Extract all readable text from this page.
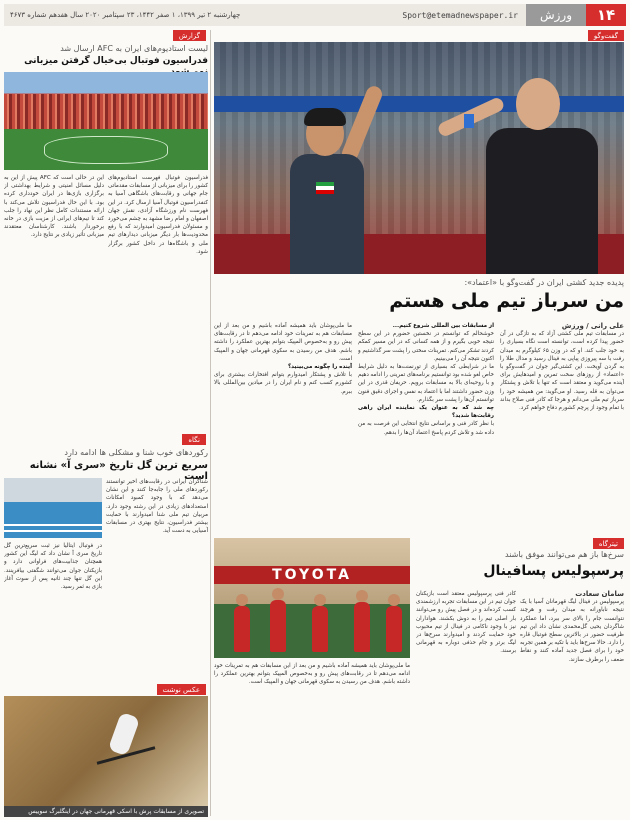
۱۴
ورزش
Sport@etemadnewspaper.ir
چهارشنبه ۲ تیر ۱۳۹۹، ۱ صفر ۱۴۴۲، ۲۳ سپتامبر ۲۰۲۰ سال هفدهم شماره ۴۶۷۳
گفت‌وگو
پدیده جدید کشتی ایران در گفت‌وگو با «اعتماد»:
من سرباز تیم ملی هستم
علی‌ رانی / ورزش

در مسابقات تیم ملی کشتی آزاد که به تازگی در آن حضور پیدا کرده است، توانسته است نگاه بسیاری را به خود جلب کند. او که در وزن ۶۵ کیلوگرم به میدان رفت با سه پیروزی پیاپی به فینال رسید و مدال طلا را به گردن آویخت. این کشتی‌گیر جوان در گفت‌وگو با «اعتماد» از روزهای سخت تمرین و امیدهایش برای آینده می‌گوید و معتقد است که تنها با تلاش و پشتکار می‌توان به قله رسید. او می‌گوید: من همیشه خود را سرباز تیم ملی می‌دانم و هرجا که کادر فنی صلاح بداند با تمام وجود از پرچم کشورم دفاع خواهم کرد.

از مسابقات بین المللی شروع کنیم...

خوشحالم که توانستم در نخستین حضورم در این سطح نتیجه خوبی بگیرم و از همه کسانی که در این مسیر کمکم کردند تشکر می‌کنم. تمرینات سختی را پشت سر گذاشتیم و اکنون نتیجه آن را می‌بینیم.

ما در شرایطی که بسیاری از تورنمنت‌ها به دلیل شرایط خاص لغو شده بود توانستیم برنامه‌های تمرینی را ادامه دهیم و با روحیه‌ای بالا به مسابقات برویم. حریفان قدری در این وزن حضور داشتند اما با اعتماد به نفس و اجرای دقیق فنون توانستم آن‌ها را پشت سر بگذارم.

چه شد که به عنوان یک نماینده ایران راهی رقابت‌ها شدید؟

با نظر کادر فنی و براساس نتایج انتخابی این فرصت به من داده شد و تلاش کردم پاسخ اعتماد آن‌ها را بدهم.

ما ملی‌پوشان باید همیشه آماده باشیم و من بعد از این مسابقات هم به تمرینات خود ادامه می‌دهم تا در رقابت‌های پیش رو و به‌خصوص المپیک بتوانم بهترین عملکرد را داشته باشم. هدف من رسیدن به سکوی قهرمانی جهان و المپیک است.

آینده را چگونه می‌بینید؟

با تلاش و پشتکار امیدوارم بتوانم افتخارات بیشتری برای کشورم کسب کنم و نام ایران را در میادین بین‌المللی بالا ببرم.

TOYOTA
تیترگاه
سرخ‌ها باز هم می‌توانند موفق باشند
پرسپولیس پسافینال
سامان سعادت

پرسپولیس در فینال لیگ قهرمانان آسیا با یک نتیجه ناباورانه به میدان رفت و هرچند نتوانست جام را بالای سر ببرد، اما عملکرد شاگردان یحیی گل‌محمدی نشان داد این تیم ظرفیت حضور در بالاترین سطح فوتبال قاره را دارد. حالا سرخ‌ها باید با تکیه بر همین تجربه خود را برای فصل جدید آماده کنند و نقاط ضعف را برطرف سازند.

کادر فنی پرسپولیس معتقد است بازیکنان جوان تیم در این مسابقات تجربه ارزشمندی کسب کرده‌اند و در فصل پیش رو می‌توانند بار اصلی تیم را به دوش بکشند. هواداران نیز با وجود ناکامی در فینال از تیم محبوب خود حمایت کردند و امیدوارند سرخ‌ها در لیگ برتر و جام حذفی دوباره به قهرمانی برسند.

ما ملی‌پوشان باید همیشه آماده باشیم و من بعد از این مسابقات هم به تمرینات خود ادامه می‌دهم تا در رقابت‌های پیش رو و به‌خصوص المپیک بتوانم بهترین عملکرد را داشته باشم. هدف من رسیدن به سکوی قهرمانی جهان و المپیک است.

گزارش
لیست استادیوم‌های ایران به AFC ارسال شد
فدراسیون فوتبال بی‌خیال گرفتن میزبانی

فدراسیون فوتبال فهرست استادیوم‌های کشور را برای میزبانی از مسابقات مقدماتی جام جهانی و رقابت‌های باشگاهی آسیا به کنفدراسیون فوتبال آسیا ارسال کرد. در این فهرست نام ورزشگاه آزادی، نقش جهان اصفهان و امام رضا مشهد به چشم می‌خورد و مسئولان فدراسیون امیدوارند که با رفع محدودیت‌ها بار دیگر میزبانی دیدارهای تیم ملی و باشگاه‌ها در داخل کشور برگزار شود.

این در حالی است که AFC پیش از این به دلیل مسائل امنیتی و شرایط بهداشتی از برگزاری بازی‌ها در ایران خودداری کرده بود. با این حال فدراسیون تلاش می‌کند با ارائه مستندات کامل نظر این نهاد را جلب کند تا تیم‌های ایرانی از مزیت بازی در خانه برخوردار باشند. کارشناسان معتقدند میزبانی تأثیر زیادی بر نتایج دارد.

نگاه
رکوردهای خوب شنا و مشکلی ها ادامه دارد
سریع ترین گل تاریخ «سری آ» نشانه است

شناگران ایرانی در رقابت‌های اخیر توانستند رکوردهای ملی را جابه‌جا کنند و این نشان می‌دهد که با وجود کمبود امکانات استعدادهای زیادی در این رشته وجود دارد. مربیان تیم ملی شنا امیدوارند با حمایت بیشتر فدراسیون، نتایج بهتری در مسابقات آسیایی به دست آید.

در فوتبال ایتالیا نیز ثبت سریع‌ترین گل تاریخ سری آ نشان داد که لیگ این کشور همچنان جذابیت‌های فراوانی دارد و بازیکنان جوان می‌توانند شگفتی بیافرینند. این گل تنها چند ثانیه پس از سوت آغاز بازی به ثمر رسید.

عکس نوشت
تصویری از مسابقات پرش با اسکی قهرمانی جهان در اینگلبرگ سوییس
